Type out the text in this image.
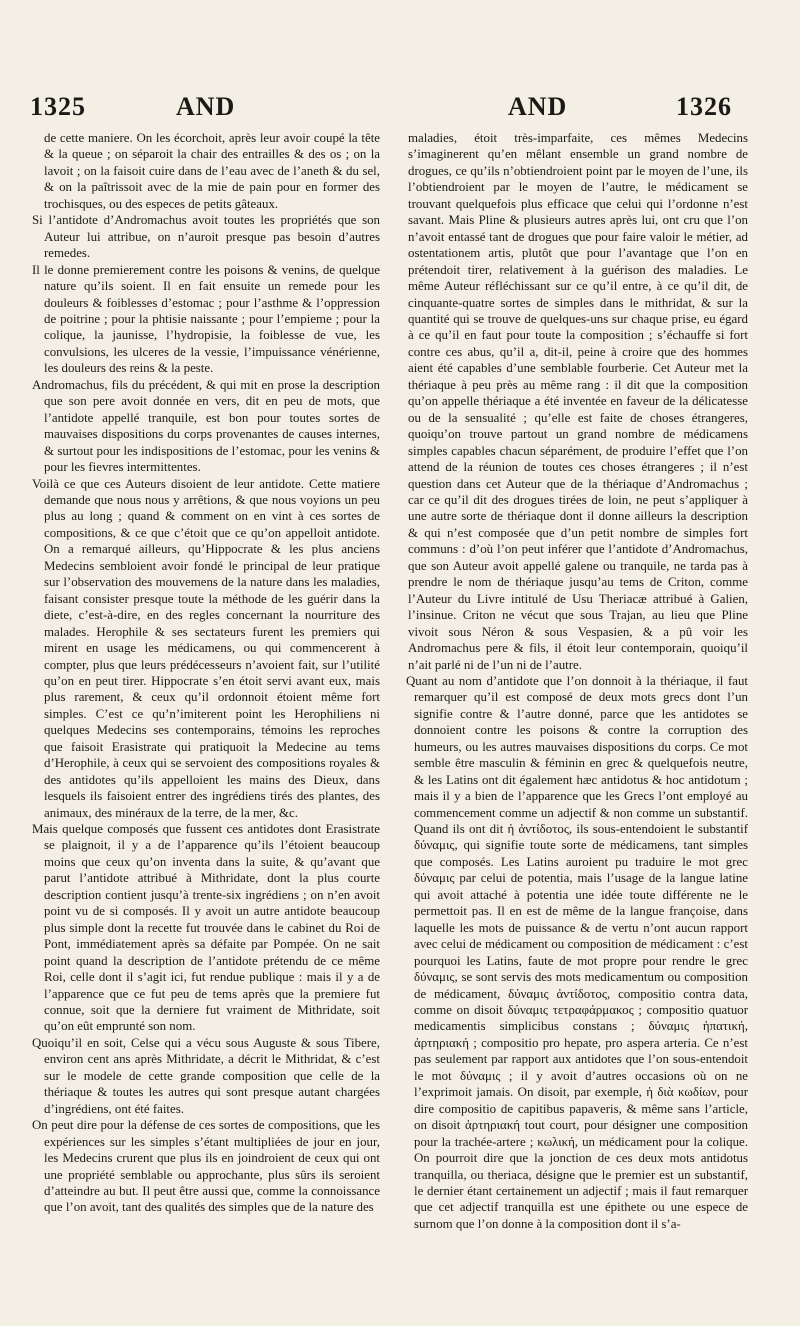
1325	AND	AND	1326

de cette maniere. On les écorchoit, après leur avoir coupé la tête & la queue ; on séparoit la chair des entrailles & des os ; on la lavoit ; on la faisoit cuire dans de l’eau avec de l’aneth & du sel, & on la paîtrissoit avec de la mie de pain pour en former des trochisques, ou des especes de petits gâteaux.

Si l’antidote d’Andromachus avoit toutes les propriétés que son Auteur lui attribue, on n’auroit presque pas besoin d’autres remedes.

Il le donne premierement contre les poisons & venins, de quelque nature qu’ils soient. Il en fait ensuite un remede pour les douleurs & foiblesses d’estomac ; pour l’asthme & l’oppression de poitrine ; pour la phtisie naissante ; pour l’empieme ; pour la colique, la jaunisse, l’hydropisie, la foiblesse de vue, les convulsions, les ulceres de la vessie, l’impuissance vénérienne, les douleurs des reins & la peste.

Andromachus, fils du précédent, & qui mit en prose la description que son pere avoit donnée en vers, dit en peu de mots, que l’antidote appellé tranquile, est bon pour toutes sortes de mauvaises dispositions du corps provenantes de causes internes, & surtout pour les indispositions de l’estomac, pour les venins & pour les fievres intermittentes.

Voilà ce que ces Auteurs disoient de leur antidote. Cette matiere demande que nous nous y arrêtions, & que nous voyions un peu plus au long ; quand & comment on en vint à ces sortes de compositions, & ce que c’étoit que ce qu’on appelloit antidote. On a remarqué ailleurs, qu’Hippocrate & les plus anciens Medecins sembloient avoir fondé le principal de leur pratique sur l’observation des mouvemens de la nature dans les maladies, faisant consister presque toute la méthode de les guérir dans la diete, c’est-à-dire, en des regles concernant la nourriture des malades. Herophile & ses sectateurs furent les premiers qui mirent en usage les médicamens, ou qui commencerent à compter, plus que leurs prédécesseurs n’avoient fait, sur l’utilité qu’on en peut tirer. Hippocrate s’en étoit servi avant eux, mais plus rarement, & ceux qu’il ordonnoit étoient même fort simples. C’est ce qu’n’imiterent point les Herophiliens ni quelques Medecins ses contemporains, témoins les reproches que faisoit Erasistrate qui pratiquoit la Medecine au tems d’Herophile, à ceux qui se servoient des compositions royales & des antidotes qu’ils appelloient les mains des Dieux, dans lesquels ils faisoient entrer des ingrédiens tirés des plantes, des animaux, des minéraux de la terre, de la mer, &c.

Mais quelque composés que fussent ces antidotes dont Erasistrate se plaignoit, il y a de l’apparence qu’ils l’étoient beaucoup moins que ceux qu’on inventa dans la suite, & qu’avant que parut l’antidote attribué à Mithridate, dont la plus courte description contient jusqu’à trente-six ingrédiens ; on n’en avoit point vu de si composés. Il y avoit un autre antidote beaucoup plus simple dont la recette fut trouvée dans le cabinet du Roi de Pont, immédiatement après sa défaite par Pompée. On ne sait point quand la description de l’antidote prétendu de ce même Roi, celle dont il s’agit ici, fut rendue publique : mais il y a de l’apparence que ce fut peu de tems après que la premiere fut connue, soit que la derniere fut vraiment de Mithridate, soit qu’on eût emprunté son nom.

Quoiqu’il en soit, Celse qui a vécu sous Auguste & sous Tibere, environ cent ans après Mithridate, a décrit le Mithridat, & c’est sur le modele de cette grande composition que celle de la thériaque & toutes les autres qui sont presque autant chargées d’ingrédiens, ont été faites.

On peut dire pour la défense de ces sortes de compositions, que les expériences sur les simples s’étant multipliées de jour en jour, les Medecins crurent que plus ils en joindroient de ceux qui ont une propriété semblable ou approchante, plus sûrs ils seroient d’atteindre au but. Il peut être aussi que, comme la connoissance que l’on avoit, tant des qualités des simples que de la nature des

maladies, étoit très-imparfaite, ces mêmes Medecins s’imaginerent qu’en mêlant ensemble un grand nombre de drogues, ce qu’ils n’obtiendroient point par le moyen de l’une, ils l’obtiendroient par le moyen de l’autre, le médicament se trouvant quelquefois plus efficace que celui qui l’ordonne n’est savant. Mais Pline & plusieurs autres après lui, ont cru que l’on n’avoit entassé tant de drogues que pour faire valoir le métier, ad ostentationem artis, plutôt que pour l’avantage que l’on en prétendoit tirer, relativement à la guérison des maladies. Le même Auteur réfléchissant sur ce qu’il entre, à ce qu’il dit, de cinquante-quatre sortes de simples dans le mithridat, & sur la quantité qui se trouve de quelques-uns sur chaque prise, eu égard à ce qu’il en faut pour toute la composition ; s’échauffe si fort contre ces abus, qu’il a, dit-il, peine à croire que des hommes aient été capables d’une semblable fourberie. Cet Auteur met la thériaque à peu près au même rang : il dit que la composition qu’on appelle thériaque a été inventée en faveur de la délicatesse ou de la sensualité ; qu’elle est faite de choses étrangeres, quoiqu’on trouve partout un grand nombre de médicamens simples capables chacun séparément, de produire l’effet que l’on attend de la réunion de toutes ces choses étrangeres ; il n’est question dans cet Auteur que de la thériaque d’Andromachus ; car ce qu’il dit des drogues tirées de loin, ne peut s’appliquer à une autre sorte de thériaque dont il donne ailleurs la description & qui n’est composée que d’un petit nombre de simples fort communs : d’où l’on peut inférer que l’antidote d’Andromachus, que son Auteur avoit appellé galene ou tranquile, ne tarda pas à prendre le nom de thériaque jusqu’au tems de Criton, comme l’Auteur du Livre intitulé de Usu Theriacæ attribué à Galien, l’insinue. Criton ne vécut que sous Trajan, au lieu que Pline vivoit sous Néron & sous Vespasien, & a pû voir les Andromachus pere & fils, il étoit leur contemporain, quoiqu’il n’ait parlé ni de l’un ni de l’autre.

Quant au nom d’antidote que l’on donnoit à la thériaque, il faut remarquer qu’il est composé de deux mots grecs dont l’un signifie contre & l’autre donné, parce que les antidotes se donnoient contre les poisons & contre la corruption des humeurs, ou les autres mauvaises dispositions du corps. Ce mot semble être masculin & féminin en grec & quelquefois neutre, & les Latins ont dit également hæc antidotus & hoc antidotum ; mais il y a bien de l’apparence que les Grecs l’ont employé au commencement comme un adjectif & non comme un substantif. Quand ils ont dit ἡ ἀντίδοτος, ils sous-entendoient le substantif δύναμις, qui signifie toute sorte de médicamens, tant simples que composés. Les Latins auroient pu traduire le mot grec δύναμις par celui de potentia, mais l’usage de la langue latine qui avoit attaché à potentia une idée toute différente ne le permettoit pas. Il en est de même de la langue françoise, dans laquelle les mots de puissance & de vertu n’ont aucun rapport avec celui de médicament ou composition de médicament : c’est pourquoi les Latins, faute de mot propre pour rendre le grec δύναμις, se sont servis des mots medicamentum ou composition de médicament, δύναμις ἀντίδοτος, compositio contra data, comme on disoit δύναμις τετραφάρμακος ; compositio quatuor medicamentis simplicibus constans ; δύναμις ἡπατική, ἀρτηριακή ; compositio pro hepate, pro aspera arteria. Ce n’est pas seulement par rapport aux antidotes que l’on sous-entendoit le mot δύναμις ; il y avoit d’autres occasions où on ne l’exprimoit jamais. On disoit, par exemple, ἡ διὰ κωδίων, pour dire compositio de capitibus papaveris, & même sans l’article, on disoit ἀρτηριακή tout court, pour désigner une composition pour la trachée-artere ; κωλική, un médicament pour la colique. On pourroit dire que la jonction de ces deux mots antidotus tranquilla, ou theriaca, désigne que le premier est un substantif, le dernier étant certainement un adjectif ; mais il faut remarquer que cet adjectif tranquilla est une épithete ou une espece de surnom que l’on donne à la composition dont il s’a-
